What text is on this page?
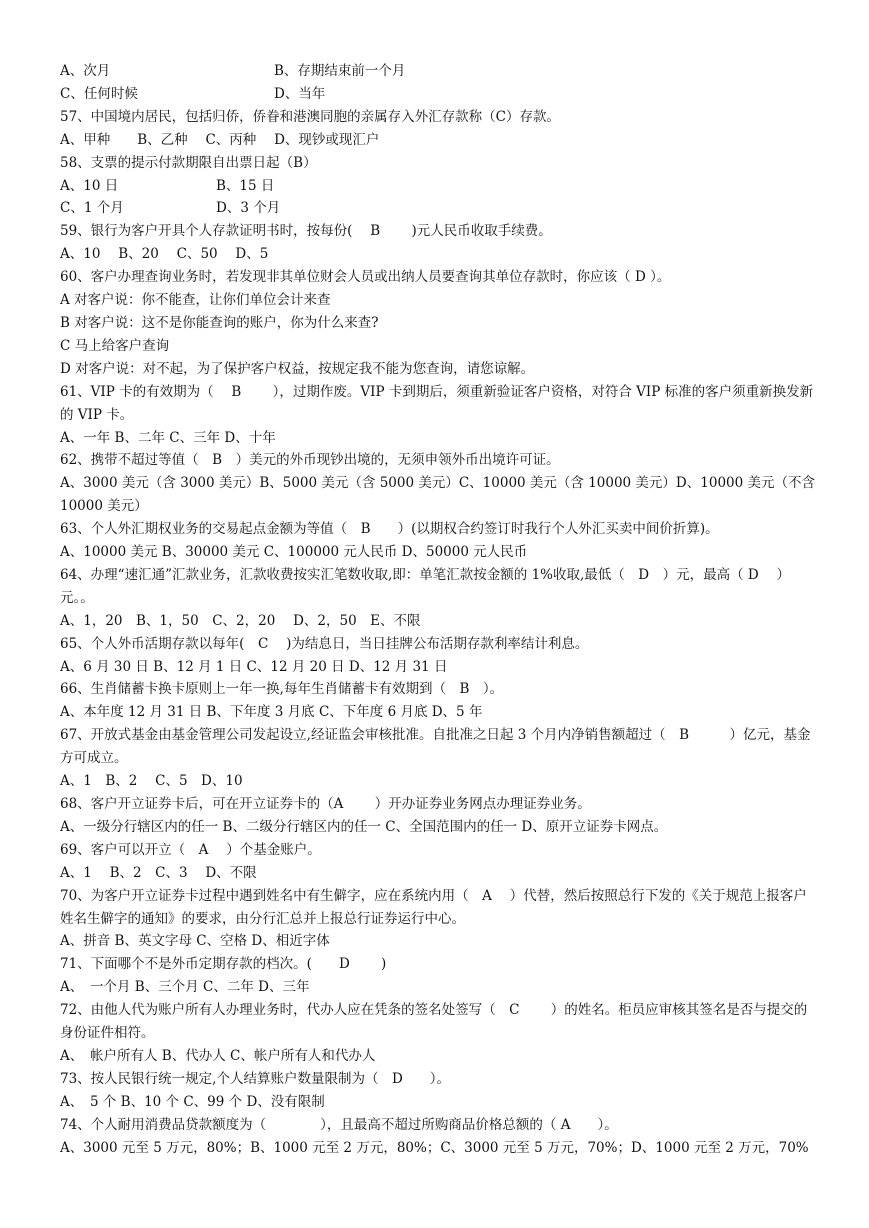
A、次月	B、存期结束前一个月
C、任何时候	D、当年
57、中国境内居民，包括归侨，侨眷和港澳同胞的亲属存入外汇存款称（C）存款。
A、甲种　　B、乙种　 C、丙种　 D、现钞或现汇户
58、支票的提示付款期限自出票日起（B）
A、10 日	B、15 日
C、1 个月	D、3 个月
59、银行为客户开具个人存款证明书时，按每份(　 B　　 )元人民币收取手续费。
A、10　 B、20　 C、50　 D、5
60、客户办理查询业务时，若发现非其单位财会人员或出纳人员要查询其单位存款时，你应该（ D ）。
A 对客户说：你不能查，让你们单位会计来查
B 对客户说：这不是你能查询的账户，你为什么来查?
C 马上给客户查询
D 对客户说：对不起，为了保护客户权益，按规定我不能为您查询，请您谅解。
61、VIP 卡的有效期为（　 B　　 ），过期作废。VIP 卡到期后，须重新验证客户资格，对符合 VIP 标准的客户须重新换发新的 VIP 卡。
A、一年 B、二年 C、三年 D、十年
62、携带不超过等值（　B　）美元的外币现钞出境的，无须申领外币出境许可证。
A、3000 美元（含 3000 美元）B、5000 美元（含 5000 美元）C、10000 美元（含 10000 美元）D、10000 美元（不含 10000 美元）
63、个人外汇期权业务的交易起点金额为等值（　B　　）(以期权合约签订时我行个人外汇买卖中间价折算)。
A、10000 美元 B、30000 美元 C、100000 元人民币 D、50000 元人民币
64、办理“速汇通”汇款业务，汇款收费按实汇笔数收取,即：单笔汇款按金额的 1%收取,最低（　D　）元，最高（ D　 ）元。。
A、1，20　B、1，50　C、2，20　 D、2，50　E、不限
65、个人外币活期存款以每年(　C　 )为结息日，当日挂牌公布活期存款利率结计利息。
A、6 月 30 日 B、12 月 1 日 C、12 月 20 日 D、12 月 31 日
66、生肖储蓄卡换卡原则上一年一换,每年生肖储蓄卡有效期到（　B　）。
A、本年度 12 月 31 日 B、下年度 3 月底 C、下年度 6 月底 D、5 年
67、开放式基金由基金管理公司发起设立,经证监会审核批准。自批准之日起 3 个月内净销售额超过（　B　　　）亿元，基金方可成立。
A、1　B、2　 C、5　D、10
68、客户开立证券卡后，可在开立证券卡的（A　　 ）开办证券业务网点办理证券业务。
A、一级分行辖区内的任一 B、二级分行辖区内的任一 C、全国范围内的任一 D、原开立证券卡网点。
69、客户可以开立（　A　 ）个基金账户。
A、1　 B、2　C、3　 D、不限
70、为客户开立证券卡过程中遇到姓名中有生僻字，应在系统内用（　A　 ）代替，然后按照总行下发的《关于规范上报客户姓名生僻字的通知》的要求，由分行汇总并上报总行证券运行中心。
A、拼音 B、英文字母 C、空格 D、相近字体
71、下面哪个不是外币定期存款的档次。(　　D　　 )
A、　一个月 B、三个月 C、二年 D、三年
72、由他人代为账户所有人办理业务时，代办人应在凭条的签名处签写（　C　　 ）的姓名。柜员应审核其签名是否与提交的身份证件相符。
A、　帐户所有人 B、代办人 C、帐户所有人和代办人
73、按人民银行统一规定,个人结算账户数量限制为（　D　　）。
A、　5 个 B、10 个 C、99 个 D、没有限制
74、个人耐用消费品贷款额度为（　　　　），且最高不超过所购商品价格总额的（ A　　）。
A、3000 元至 5 万元，80%；B、1000 元至 2 万元，80%；C、3000 元至 5 万元，70%；D、1000 元至 2 万元，70%
